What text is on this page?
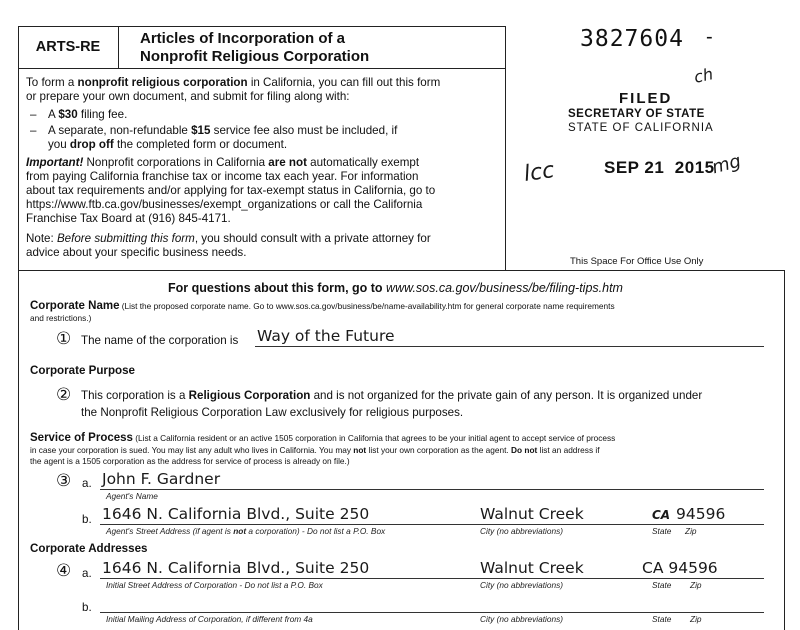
ARTS-RE	Articles of Incorporation of a
Nonprofit Religious Corporation
To form a nonprofit religious corporation in California, you can fill out this form
or prepare your own document, and submit for filing along with:
– A $30 filing fee.
– A separate, non-refundable $15 service fee also must be included, if
you drop off the completed form or document.
Important! Nonprofit corporations in California are not automatically exempt
from paying California franchise tax or income tax each year. For information
about tax requirements and/or applying for tax-exempt status in California, go to
https://www.ftb.ca.gov/businesses/exempt_organizations or call the California
Franchise Tax Board at (916) 845-4171.
Note: Before submitting this form, you should consult with a private attorney for
advice about your specific business needs.
3827604 -
ch
FILED
SECRETARY OF STATE
STATE OF CALIFORNIA
lcc	SEP 21  2015
mg
This Space For Office Use Only
For questions about this form, go to www.sos.ca.gov/business/be/filing-tips.htm
Corporate Name (List the proposed corporate name. Go to www.sos.ca.gov/business/be/name-availability.htm for general corporate name requirements
and restrictions.)
① The name of the corporation is Way of the Future
Corporate Purpose
② This corporation is a Religious Corporation and is not organized for the private gain of any person. It is organized under
the Nonprofit Religious Corporation Law exclusively for religious purposes.
Service of Process (List a California resident or an active 1505 corporation in California that agrees to be your initial agent to accept service of process
in case your corporation is sued. You may list any adult who lives in California. You may not list your own corporation as the agent. Do not list an address if
the agent is a 1505 corporation as the address for service of process is already on file.)
③ a. John F. Gardner
Agent's Name
b. 1646 N. California Blvd., Suite 250	Walnut Creek	CA 94596
Agent's Street Address (if agent is not a corporation) - Do not list a P.O. Box	City (no abbreviations)	State Zip
Corporate Addresses
④ a. 1646 N. California Blvd., Suite 250	Walnut Creek	CA 94596
Initial Street Address of Corporation - Do not list a P.O. Box	City (no abbreviations)	State Zip
b.
Initial Mailing Address of Corporation, if different from 4a	City (no abbreviations)	State Zip
